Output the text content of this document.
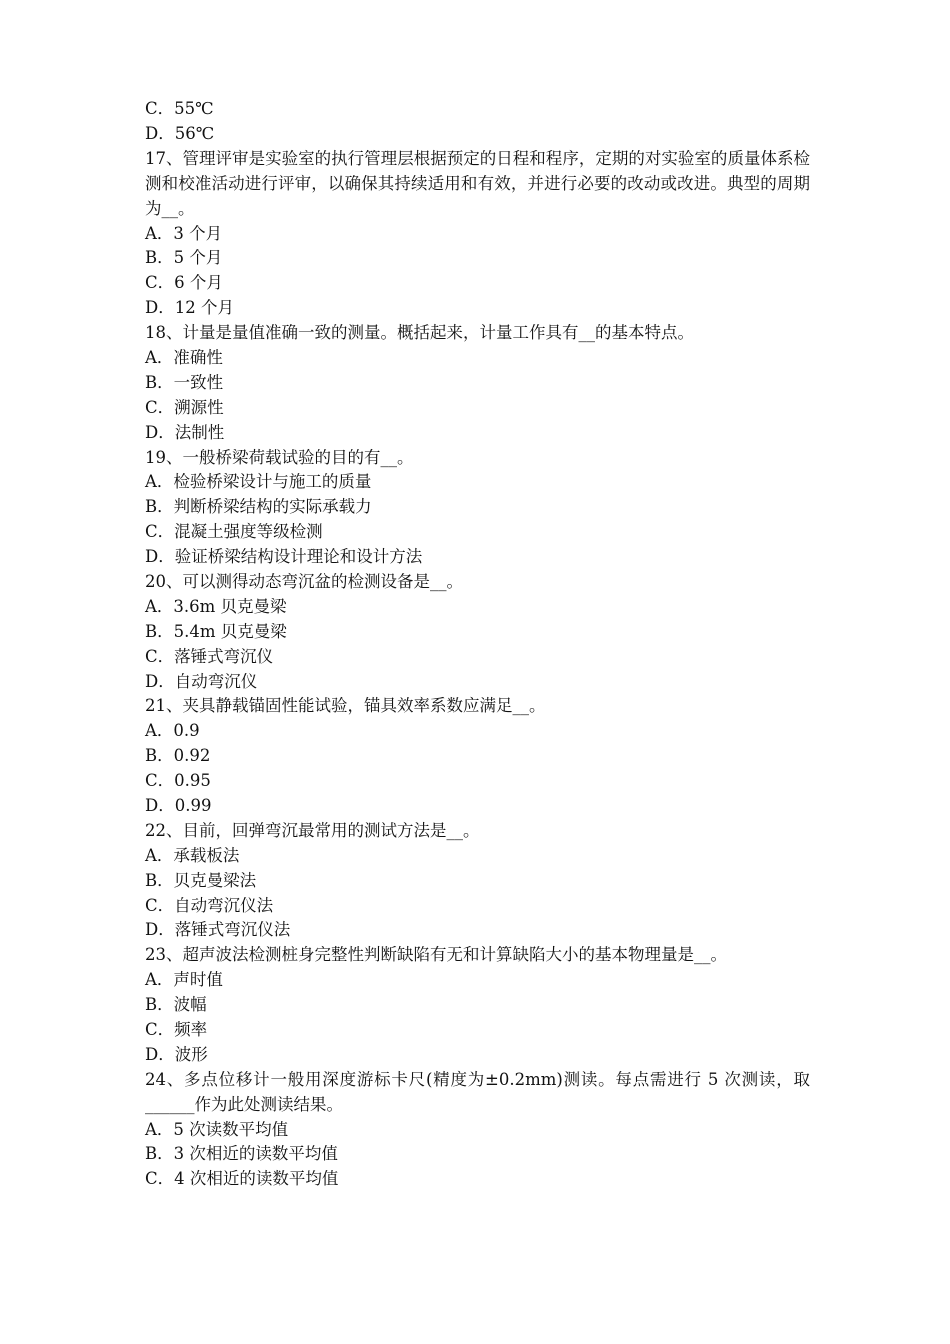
C．55℃
D．56℃
17、管理评审是实验室的执行管理层根据预定的日程和程序，定期的对实验室的质量体系检测和校准活动进行评审，以确保其持续适用和有效，并进行必要的改动或改进。典型的周期为__。
A．3 个月
B．5 个月
C．6 个月
D．12 个月
18、计量是量值准确一致的测量。概括起来，计量工作具有__的基本特点。
A．准确性
B．一致性
C．溯源性
D．法制性
19、一般桥梁荷载试验的目的有__。
A．检验桥梁设计与施工的质量
B．判断桥梁结构的实际承载力
C．混凝土强度等级检测
D．验证桥梁结构设计理论和设计方法
20、可以测得动态弯沉盆的检测设备是__。
A．3.6m 贝克曼梁
B．5.4m 贝克曼梁
C．落锤式弯沉仪
D．自动弯沉仪
21、夹具静载锚固性能试验，锚具效率系数应满足__。
A．0.9
B．0.92
C．0.95
D．0.99
22、目前，回弹弯沉最常用的测试方法是__。
A．承载板法
B．贝克曼梁法
C．自动弯沉仪法
D．落锤式弯沉仪法
23、超声波法检测桩身完整性判断缺陷有无和计算缺陷大小的基本物理量是__。
A．声时值
B．波幅
C．频率
D．波形
24、多点位移计一般用深度游标卡尺(精度为±0.2mm)测读。每点需进行 5 次测读，取______作为此处测读结果。
A．5 次读数平均值
B．3 次相近的读数平均值
C．4 次相近的读数平均值
